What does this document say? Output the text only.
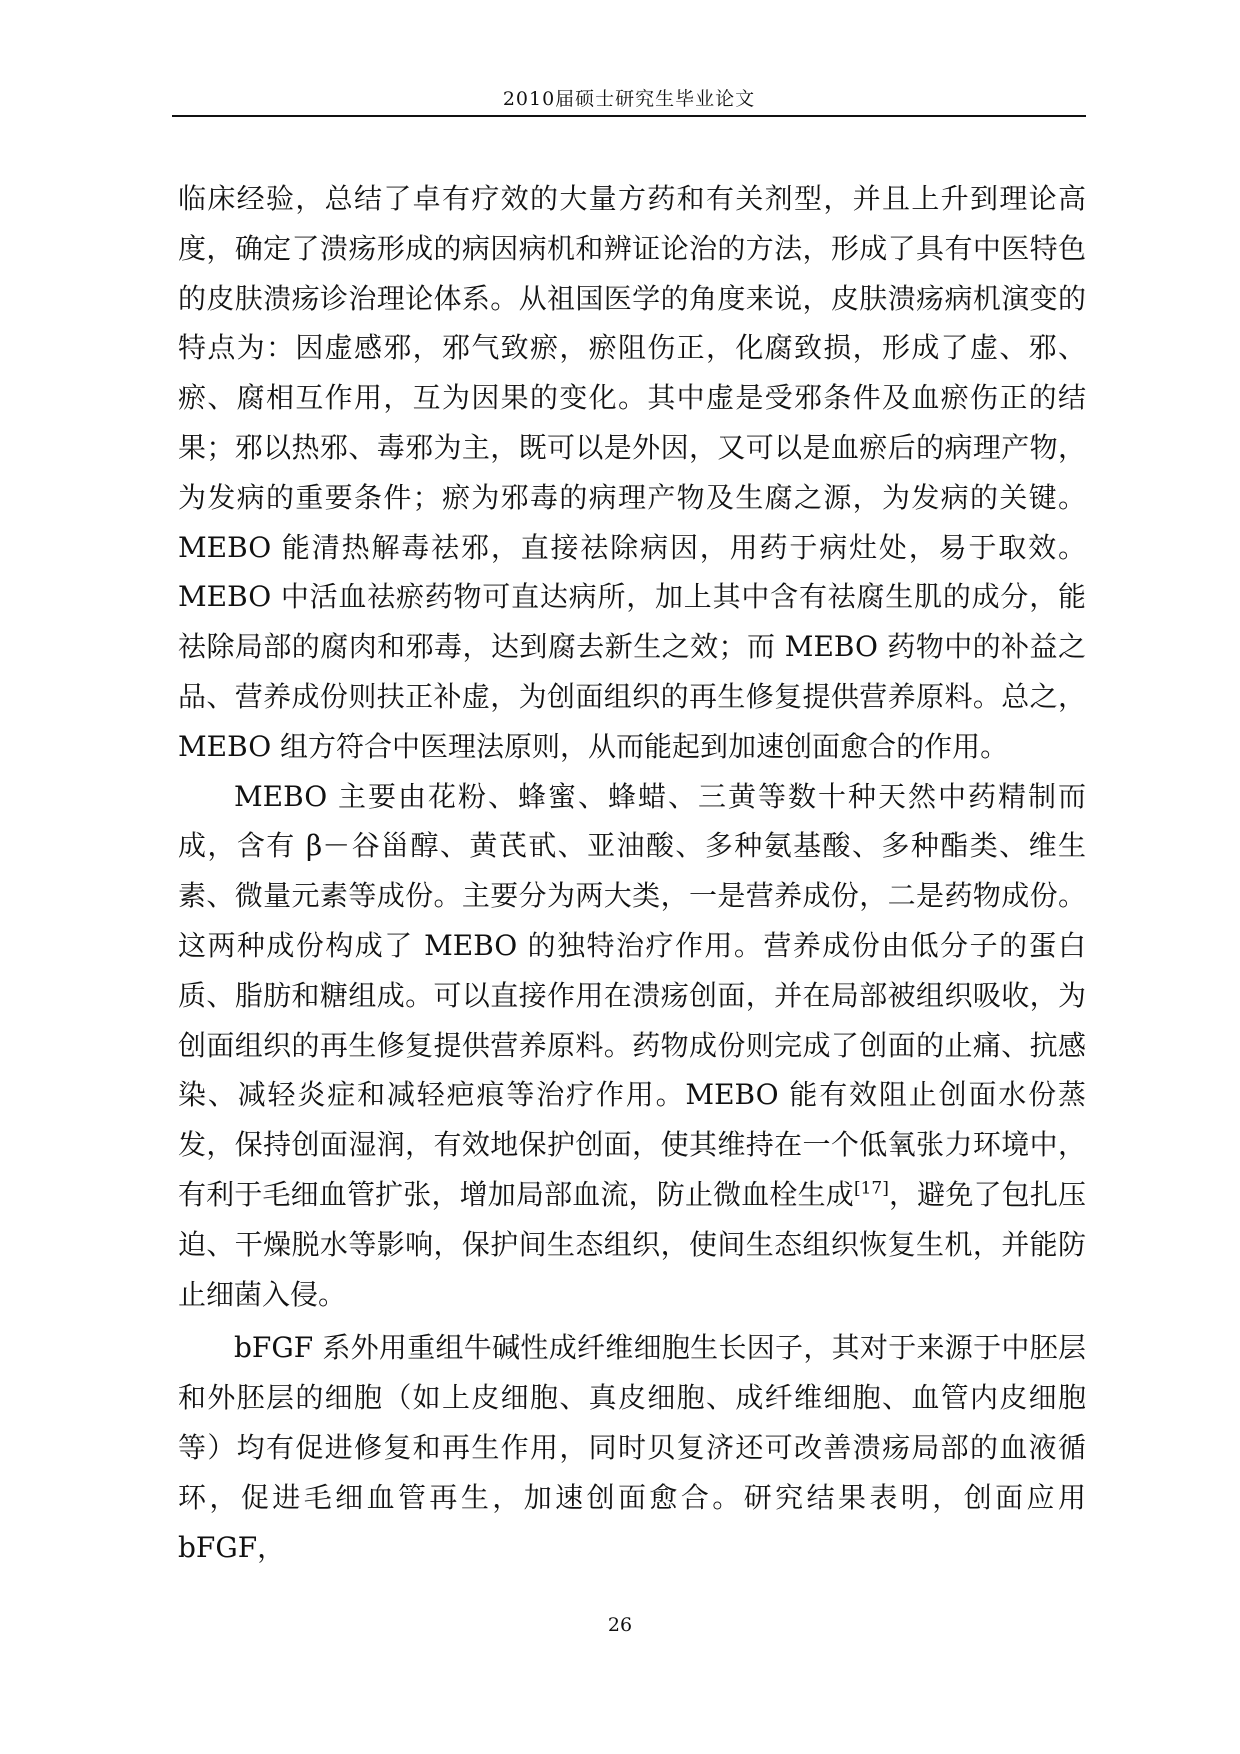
2010届硕士研究生毕业论文

临床经验，总结了卓有疗效的大量方药和有关剂型，并且上升到理论高度，确定了溃疡形成的病因病机和辨证论治的方法，形成了具有中医特色的皮肤溃疡诊治理论体系。从祖国医学的角度来说，皮肤溃疡病机演变的特点为：因虚感邪，邪气致瘀，瘀阻伤正，化腐致损，形成了虚、邪、瘀、腐相互作用，互为因果的变化。其中虚是受邪条件及血瘀伤正的结果；邪以热邪、毒邪为主，既可以是外因，又可以是血瘀后的病理产物，为发病的重要条件；瘀为邪毒的病理产物及生腐之源，为发病的关键。MEBO 能清热解毒祛邪，直接祛除病因，用药于病灶处，易于取效。MEBO 中活血祛瘀药物可直达病所，加上其中含有祛腐生肌的成分，能祛除局部的腐肉和邪毒，达到腐去新生之效；而 MEBO 药物中的补益之品、营养成份则扶正补虚，为创面组织的再生修复提供营养原料。总之，MEBO 组方符合中医理法原则，从而能起到加速创面愈合的作用。

MEBO 主要由花粉、蜂蜜、蜂蜡、三黄等数十种天然中药精制而成，含有 β－谷甾醇、黄芪甙、亚油酸、多种氨基酸、多种酯类、维生素、微量元素等成份。主要分为两大类，一是营养成份，二是药物成份。这两种成份构成了 MEBO 的独特治疗作用。营养成份由低分子的蛋白质、脂肪和糖组成。可以直接作用在溃疡创面，并在局部被组织吸收，为创面组织的再生修复提供营养原料。药物成份则完成了创面的止痛、抗感染、减轻炎症和减轻疤痕等治疗作用。MEBO 能有效阻止创面水份蒸发，保持创面湿润，有效地保护创面，使其维持在一个低氧张力环境中，有利于毛细血管扩张，增加局部血流，防止微血栓生成[17]，避免了包扎压迫、干燥脱水等影响，保护间生态组织，使间生态组织恢复生机，并能防止细菌入侵。

bFGF 系外用重组牛碱性成纤维细胞生长因子，其对于来源于中胚层和外胚层的细胞（如上皮细胞、真皮细胞、成纤维细胞、血管内皮细胞等）均有促进修复和再生作用，同时贝复济还可改善溃疡局部的血液循环，促进毛细血管再生，加速创面愈合。研究结果表明，创面应用 bFGF，

26
